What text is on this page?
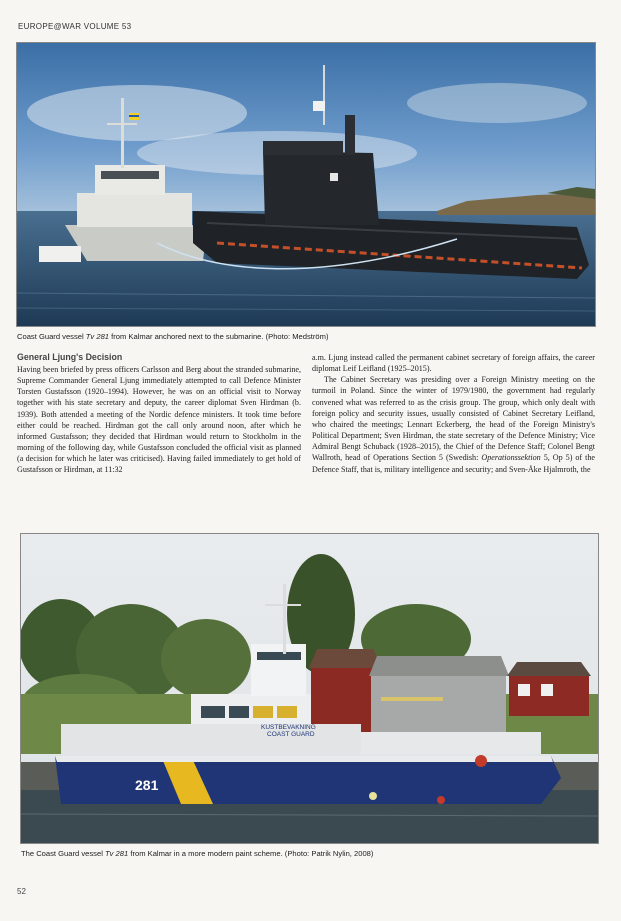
EUROPE@WAR VOLUME 53
Coast Guard vessel Tv 281 from Kalmar anchored next to the submarine. (Photo: Medström)
General Ljung's Decision

Having been briefed by press officers Carlsson and Berg about the stranded submarine, Supreme Commander General Ljung immediately attempted to call Defence Minister Torsten Gustafsson (1920–1994). However, he was on an official visit to Norway together with his state secretary and deputy, the career diplomat Sven Hirdman (b. 1939). Both attended a meeting of the Nordic defence ministers. It took time before either could be reached. Hirdman got the call only around noon, after which he informed Gustafsson; they decided that Hirdman would return to Stockholm in the morning of the following day, while Gustafsson concluded the official visit as planned (a decision for which he later was criticised). Having failed immediately to get hold of Gustafsson or Hirdman, at 11:32

a.m. Ljung instead called the permanent cabinet secretary of foreign affairs, the career diplomat Leif Leifland (1925–2015).

The Cabinet Secretary was presiding over a Foreign Ministry meeting on the turmoil in Poland. Since the winter of 1979/1980, the government had regularly convened what was referred to as the crisis group. The group, which only dealt with foreign policy and security issues, usually consisted of Cabinet Secretary Leifland, who chaired the meetings; Lennart Eckerberg, the head of the Foreign Ministry's Political Department; Sven Hirdman, the state secretary of the Defence Ministry; Vice Admiral Bengt Schuback (1928–2015), the Chief of the Defence Staff; Colonel Bengt Wallroth, head of Operations Section 5 (Swedish: Operationssektion 5, Op 5) of the Defence Staff, that is, military intelligence and security; and Sven-Åke Hjalmroth, the

281
KUSTBEVAKNING
COAST GUARD
The Coast Guard vessel Tv 281 from Kalmar in a more modern paint scheme. (Photo: Patrik Nylin, 2008)
52
